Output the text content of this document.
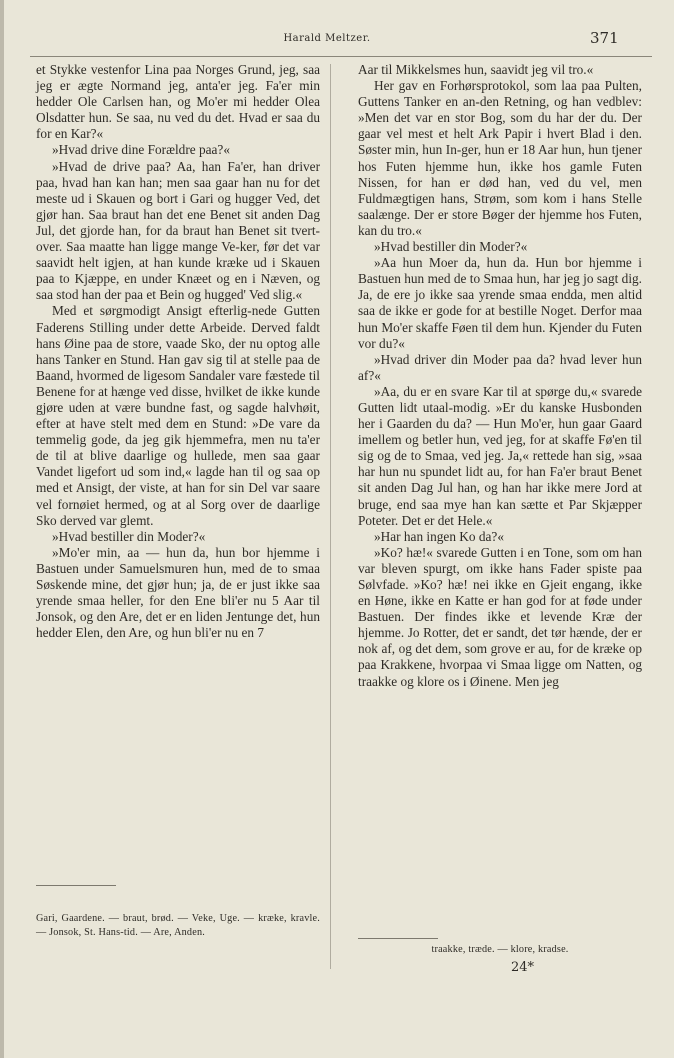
Harald Meltzer.	371

et Stykke vestenfor Lina paa Norges Grund, jeg, saa jeg er ægte Normand jeg, anta'er jeg. Fa'er min hedder Ole Carlsen han, og Mo'er mi hedder Olea Olsdatter hun. Se saa, nu ved du det. Hvad er saa du for en Kar?«

»Hvad drive dine Forældre paa?«

»Hvad de drive paa? Aa, han Fa'er, han driver paa, hvad han kan han; men saa gaar han nu for det meste ud i Skauen og bort i Gari og hugger Ved, det gjør han. Saa braut han det ene Benet sit anden Dag Jul, det gjorde han, for da braut han Benet sit tvert-over. Saa maatte han ligge mange Ve-ker, før det var saavidt helt igjen, at han kunde kræke ud i Skauen paa to Kjæppe, en under Knæet og en i Næven, og saa stod han der paa et Bein og hugged' Ved slig.«

Med et sørgmodigt Ansigt efterlig-nede Gutten Faderens Stilling under dette Arbeide. Derved faldt hans Øine paa de store, vaade Sko, der nu optog alle hans Tanker en Stund. Han gav sig til at stelle paa de Baand, hvormed de ligesom Sandaler vare fæstede til Benene for at hænge ved disse, hvilket de ikke kunde gjøre uden at være bundne fast, og sagde halvhøit, efter at have stelt med dem en Stund: »De vare da temmelig gode, da jeg gik hjemmefra, men nu ta'er de til at blive daarlige og hullede, men saa gaar Vandet ligefort ud som ind,« lagde han til og saa op med et Ansigt, der viste, at han for sin Del var saare vel fornøiet hermed, og at al Sorg over de daarlige Sko derved var glemt.

»Hvad bestiller din Moder?«

»Mo'er min, aa — hun da, hun bor hjemme i Bastuen under Samuelsmuren hun, med de to smaa Søskende mine, det gjør hun; ja, de er just ikke saa yrende smaa heller, for den Ene bli'er nu 5 Aar til Jonsok, og den Are, det er en liden Jentunge det, hun hedder Elen, den Are, og hun bli'er nu en 7

Aar til Mikkelsmes hun, saavidt jeg vil tro.«

Her gav en Forhørsprotokol, som laa paa Pulten, Guttens Tanker en an-den Retning, og han vedblev: »Men det var en stor Bog, som du har der du. Der gaar vel mest et helt Ark Papir i hvert Blad i den. Søster min, hun In-ger, hun er 18 Aar hun, hun tjener hos Futen hjemme hun, ikke hos gamle Futen Nissen, for han er død han, ved du vel, men Fuldmægtigen hans, Strøm, som kom i hans Stelle saalænge. Der er store Bøger der hjemme hos Futen, kan du tro.«

»Hvad bestiller din Moder?«

»Aa hun Moer da, hun da. Hun bor hjemme i Bastuen hun med de to Smaa hun, har jeg jo sagt dig. Ja, de ere jo ikke saa yrende smaa endda, men altid saa de ikke er gode for at bestille Noget. Derfor maa hun Mo'er skaffe Føen til dem hun. Kjender du Futen vor du?«

»Hvad driver din Moder paa da? hvad lever hun af?«

»Aa, du er en svare Kar til at spørge du,« svarede Gutten lidt utaal-modig. »Er du kanske Husbonden her i Gaarden du da? — Hun Mo'er, hun gaar Gaard imellem og betler hun, ved jeg, for at skaffe Fø'en til sig og de to Smaa, ved jeg. Ja,« rettede han sig, »saa har hun nu spundet lidt au, for han Fa'er braut Benet sit anden Dag Jul han, og han har ikke mere Jord at bruge, end saa mye han kan sætte et Par Skjæpper Poteter. Det er det Hele.«

»Har han ingen Ko da?«

»Ko? hæ!« svarede Gutten i en Tone, som om han var bleven spurgt, om ikke hans Fader spiste paa Sølvfade. »Ko? hæ! nei ikke en Gjeit engang, ikke en Høne, ikke en Katte er han god for at føde under Bastuen. Der findes ikke et levende Kræ der hjemme. Jo Rotter, det er sandt, det tør hænde, der er nok af, og det dem, som grove er au, for de kræke op paa Krakkene, hvorpaa vi Smaa ligge om Natten, og traakke og klore os i Øinene. Men jeg

Gari, Gaardene. — braut, brød. — Veke, Uge. — kræke, kravle. — Jonsok, St. Hans-tid. — Are, Anden.
traakke, træde. — klore, kradse.
24*
